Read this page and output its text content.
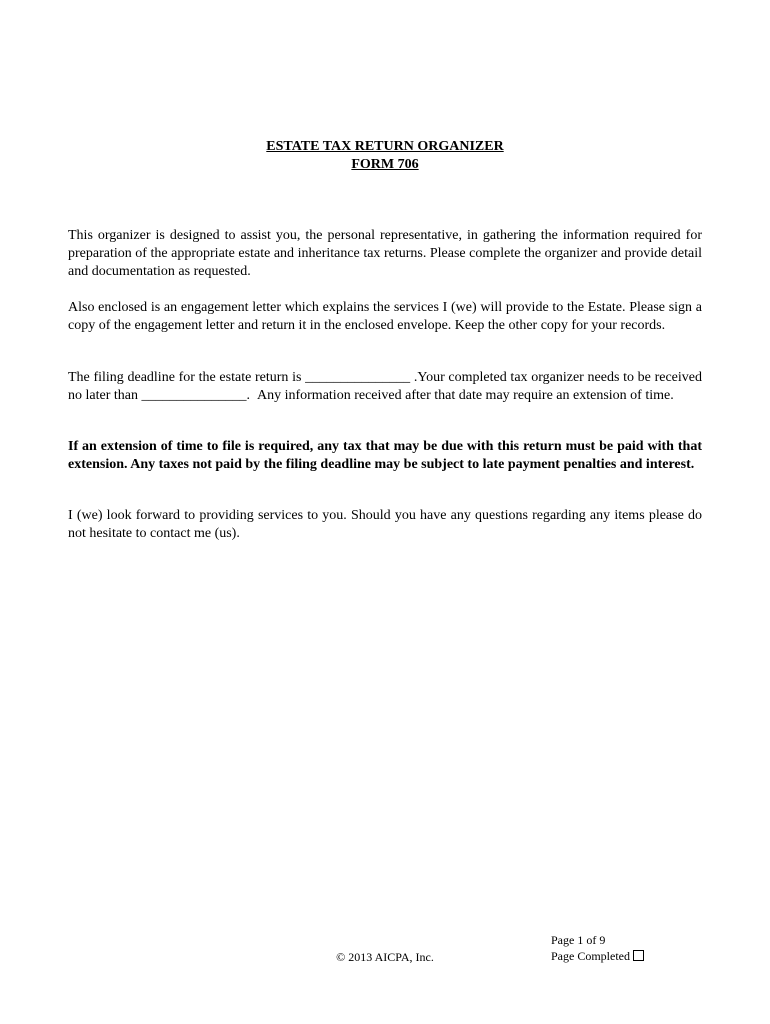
ESTATE TAX RETURN ORGANIZER
FORM 706

This organizer is designed to assist you, the personal representative, in gathering the information required for preparation of the appropriate estate and inheritance tax returns. Please complete the organizer and provide detail and documentation as requested.

Also enclosed is an engagement letter which explains the services I (we) will provide to the Estate. Please sign a copy of the engagement letter and return it in the enclosed envelope. Keep the other copy for your records.

The filing deadline for the estate return is _______________ .Your completed tax organizer needs to be received no later than _______________. Any information received after that date may require an extension of time.

If an extension of time to file is required, any tax that may be due with this return must be paid with that extension. Any taxes not paid by the filing deadline may be subject to late payment penalties and interest.

I (we) look forward to providing services to you. Should you have any questions regarding any items please do not hesitate to contact me (us).

© 2013 AICPA, Inc.
Page 1 of 9
Page Completed
